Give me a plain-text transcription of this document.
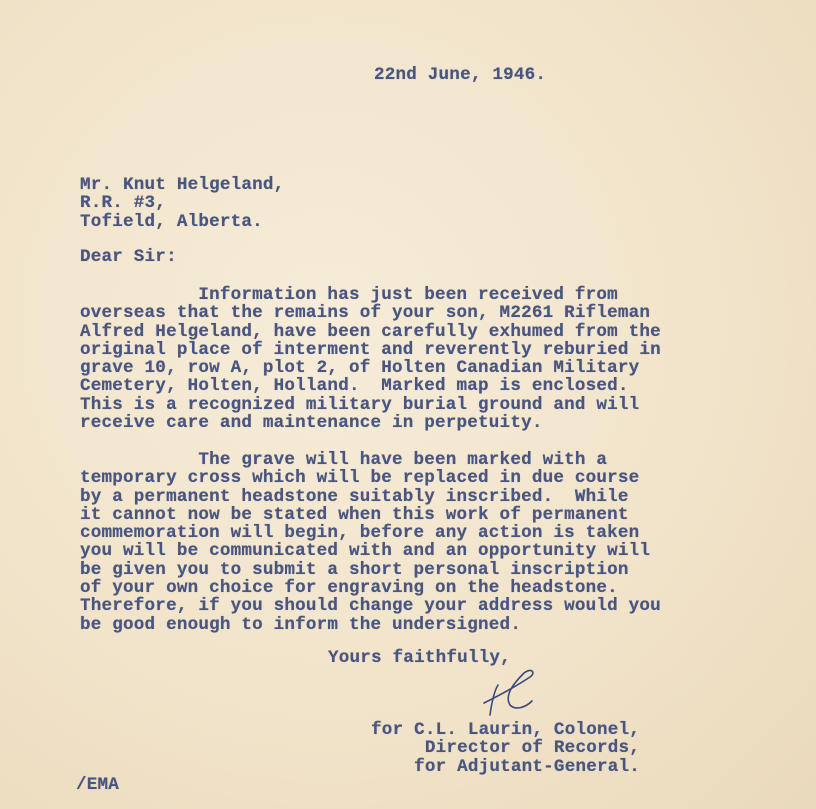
22nd June, 1946.
Mr. Knut Helgeland,
R.R. #3,
Tofield, Alberta.
Dear Sir:
Information has just been received from
overseas that the remains of your son, M2261 Rifleman
Alfred Helgeland, have been carefully exhumed from the
original place of interment and reverently reburied in
grave 10, row A, plot 2, of Holten Canadian Military
Cemetery, Holten, Holland.  Marked map is enclosed.
This is a recognized military burial ground and will
receive care and maintenance in perpetuity.
The grave will have been marked with a
temporary cross which will be replaced in due course
by a permanent headstone suitably inscribed.  While
it cannot now be stated when this work of permanent
commemoration will begin, before any action is taken
you will be communicated with and an opportunity will
be given you to submit a short personal inscription
of your own choice for engraving on the headstone.
Therefore, if you should change your address would you
be good enough to inform the undersigned.
Yours faithfully,
for C.L. Laurin, Colonel,
Director of Records,
for Adjutant-General.
/EMA
